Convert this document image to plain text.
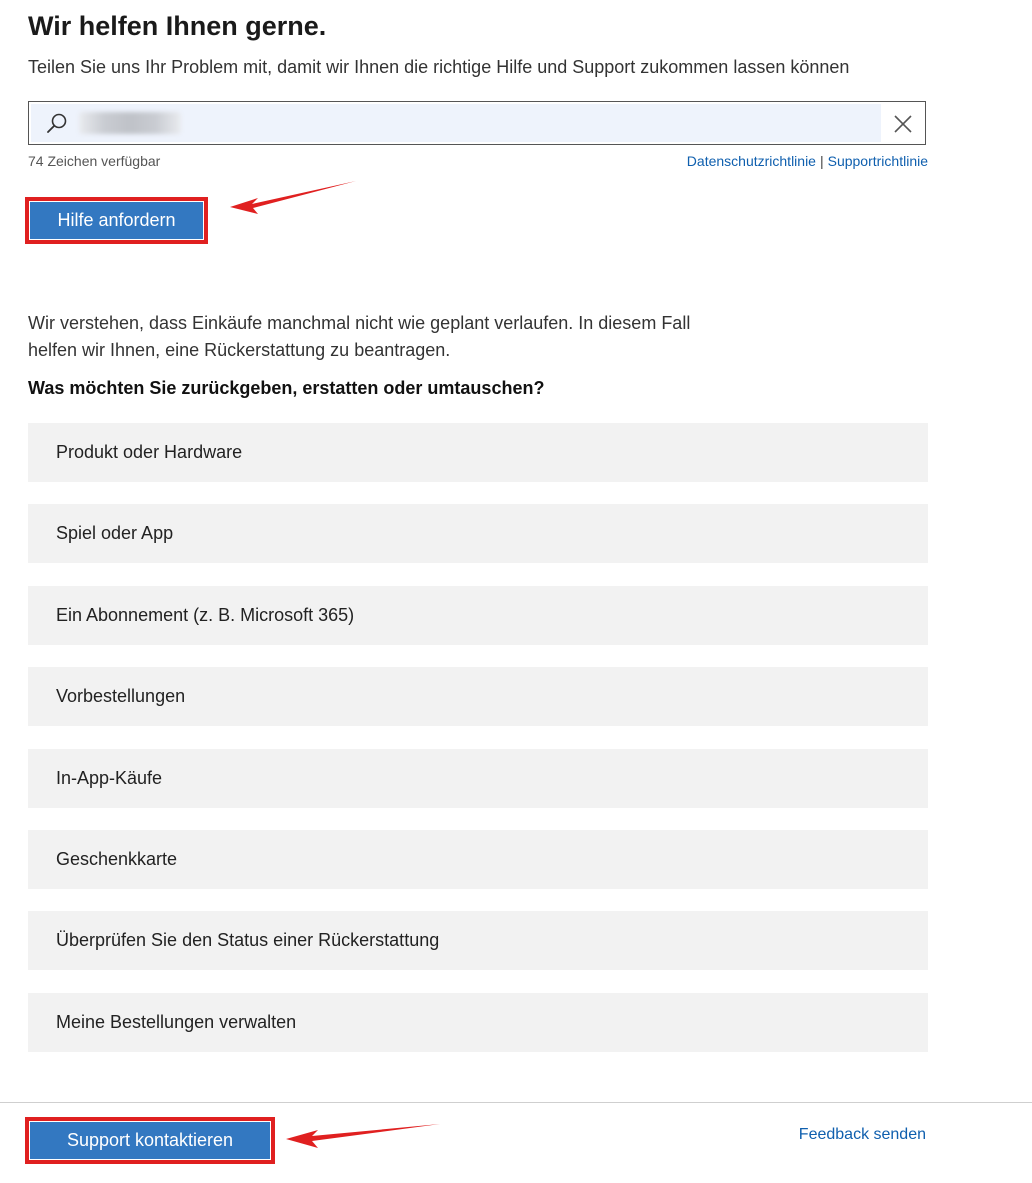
Wir helfen Ihnen gerne.
Teilen Sie uns Ihr Problem mit, damit wir Ihnen die richtige Hilfe und Support zukommen lassen können
74 Zeichen verfügbar	Datenschutzrichtlinie | Supportrichtlinie
Hilfe anfordern
Wir verstehen, dass Einkäufe manchmal nicht wie geplant verlaufen. In diesem Fall
helfen wir Ihnen, eine Rückerstattung zu beantragen.
Was möchten Sie zurückgeben, erstatten oder umtauschen?
Produkt oder Hardware
Spiel oder App
Ein Abonnement (z. B. Microsoft 365)
Vorbestellungen
In-App-Käufe
Geschenkkarte
Überprüfen Sie den Status einer Rückerstattung
Meine Bestellungen verwalten
Support kontaktieren	Feedback senden
